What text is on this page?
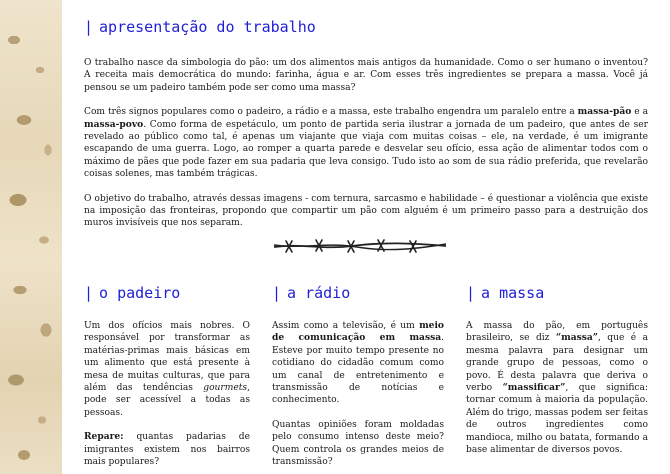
| apresentação do trabalho

O trabalho nasce da simbologia do pão: um dos alimentos mais antigos da humanidade. Como o ser humano o inventou? A receita mais democrática do mundo: farinha, água e ar. Com esses três ingredientes se prepara a massa. Você já pensou se um padeiro também pode ser como uma massa?

Com três signos populares como o padeiro, a rádio e a massa, este trabalho engendra um paralelo entre a massa-pão e a massa-povo. Como forma de espetáculo, um ponto de partida seria ilustrar a jornada de um padeiro, que antes de ser revelado ao público como tal, é apenas um viajante que viaja com muitas coisas – ele, na verdade, é um imigrante escapando de uma guerra. Logo, ao romper a quarta parede e desvelar seu ofício, essa ação de alimentar todos com o máximo de pães que pode fazer em sua padaria que leva consigo. Tudo isto ao som de sua rádio preferida, que revelarão coisas solenes, mas também trágicas.

O objetivo do trabalho, através dessas imagens - com ternura, sarcasmo e habilidade – é questionar a violência que existe na imposição das fronteiras, propondo que compartir um pão com alguém é um primeiro passo para a destruição dos muros invisíveis que nos separam.

| o padeiro

Um dos ofícios mais nobres. O responsável por transformar as matérias-primas mais básicas em um alimento que está presente à mesa de muitas culturas, que para além das tendências gourmets, pode ser acessível a todas as pessoas.

Repare: quantas padarias de imigrantes existem nos bairros mais populares?

| a rádio

Assim como a televisão, é um meio de comunicação em massa. Esteve por muito tempo presente no cotidiano do cidadão comum como um canal de entretenimento e transmissão de notícias e conhecimento.

Quantas opiniões foram moldadas pelo consumo intenso deste meio? Quem controla os grandes meios de transmissão?

| a massa

A massa do pão, em português brasileiro, se diz “massa”, que é a mesma palavra para designar um grande grupo de pessoas, como o povo. É desta palavra que deriva o verbo “massificar”, que significa: tornar comum à maioria da população. Além do trigo, massas podem ser feitas de outros ingredientes como mandioca, milho ou batata, formando a base alimentar de diversos povos.
